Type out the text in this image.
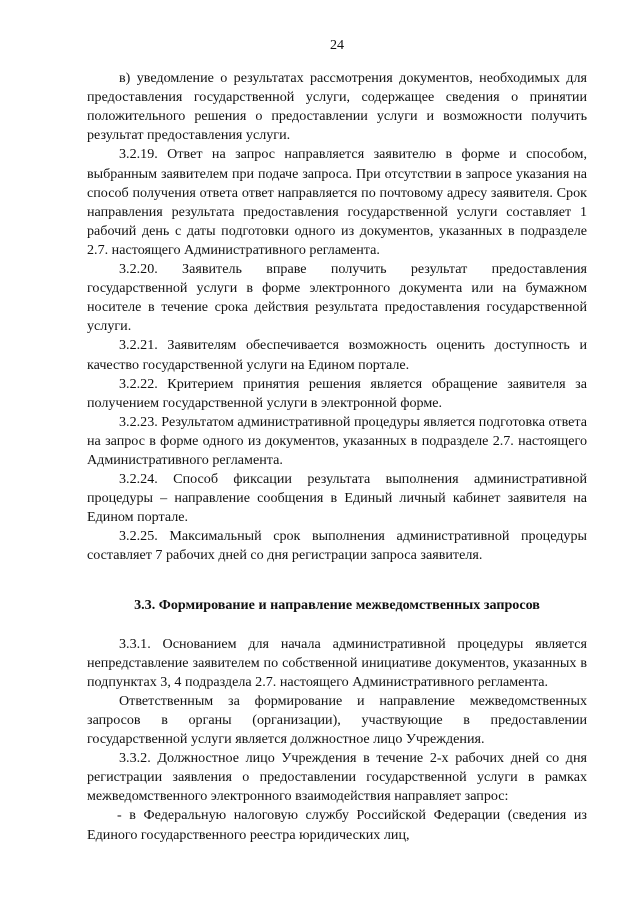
24

в) уведомление о результатах рассмотрения документов, необходимых для предоставления государственной услуги, содержащее сведения о принятии положительного решения о предоставлении услуги и возможности получить результат предоставления услуги.

3.2.19. Ответ на запрос направляется заявителю в форме и способом, выбранным заявителем при подаче запроса. При отсутствии в запросе указания на способ получения ответа ответ направляется по почтовому адресу заявителя. Срок направления результата предоставления государственной услуги составляет 1 рабочий день с даты подготовки одного из документов, указанных в подразделе 2.7. настоящего Административного регламента.

3.2.20. Заявитель вправе получить результат предоставления государственной услуги в форме электронного документа или на бумажном носителе в течение срока действия результата предоставления государственной услуги.

3.2.21. Заявителям обеспечивается возможность оценить доступность и качество государственной услуги на Едином портале.

3.2.22. Критерием принятия решения является обращение заявителя за получением государственной услуги в электронной форме.

3.2.23. Результатом административной процедуры является подготовка ответа на запрос в форме одного из документов, указанных в подразделе 2.7. настоящего Административного регламента.

3.2.24. Способ фиксации результата выполнения административной процедуры – направление сообщения в Единый личный кабинет заявителя на Едином портале.

3.2.25. Максимальный срок выполнения административной процедуры составляет 7 рабочих дней со дня регистрации запроса заявителя.

3.3. Формирование и направление межведомственных запросов

3.3.1. Основанием для начала административной процедуры является непредставление заявителем по собственной инициативе документов, указанных в подпунктах 3, 4 подраздела 2.7. настоящего Административного регламента.

Ответственным за формирование и направление межведомственных запросов в органы (организации), участвующие в предоставлении государственной услуги является должностное лицо Учреждения.

3.3.2. Должностное лицо Учреждения в течение 2-х рабочих дней со дня регистрации заявления о предоставлении государственной услуги в рамках межведомственного электронного взаимодействия направляет запрос:

- в Федеральную налоговую службу Российской Федерации (сведения из Единого государственного реестра юридических лиц,
